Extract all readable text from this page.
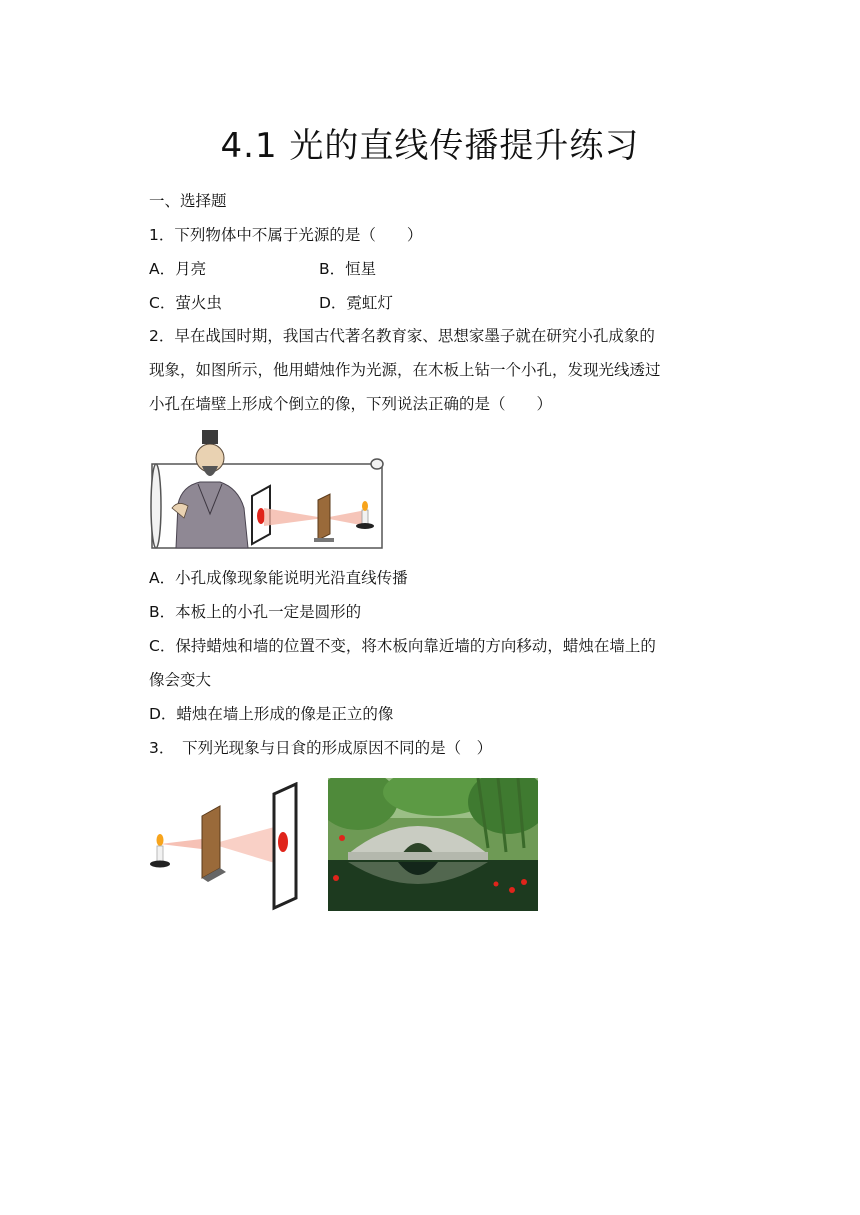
4.1 光的直线传播提升练习
一、选择题
1．下列物体中不属于光源的是（　　）
A．月亮	B．恒星
C．萤火虫	D．霓虹灯
2．早在战国时期，我国古代著名教育家、思想家墨子就在研究小孔成象的
现象，如图所示，他用蜡烛作为光源，在木板上钻一个小孔，发现光线透过
小孔在墙壁上形成个倒立的像，下列说法正确的是（　　）
A．小孔成像现象能说明光沿直线传播
B．本板上的小孔一定是圆形的
C．保持蜡烛和墙的位置不变，将木板向靠近墙的方向移动，蜡烛在墙上的
像会变大
D．蜡烛在墙上形成的像是正立的像
3．　下列光现象与日食的形成原因不同的是（　）
